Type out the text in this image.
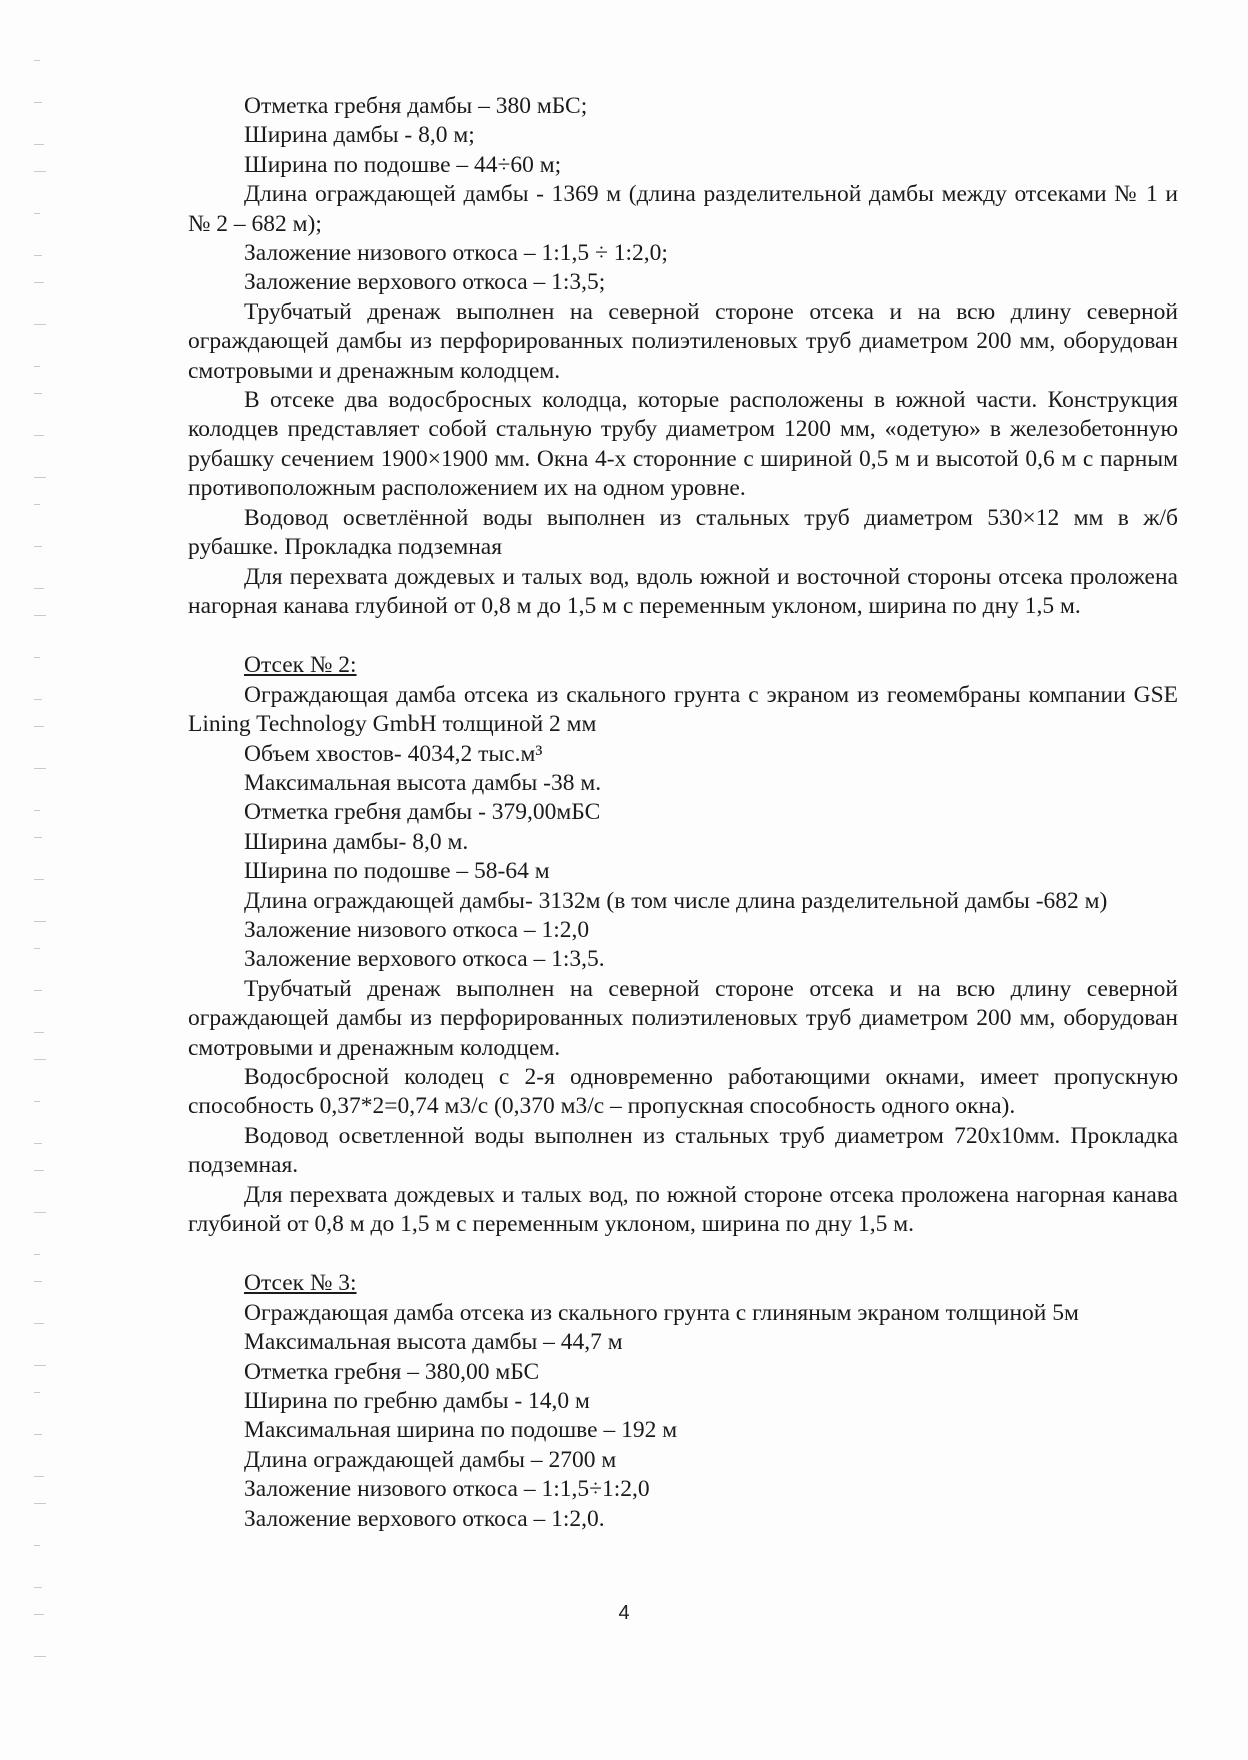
Отметка гребня дамбы – 380 мБС;
Ширина дамбы - 8,0 м;
Ширина по подошве – 44÷60 м;
Длина ограждающей дамбы - 1369 м (длина разделительной дамбы между отсеками № 1 и № 2 – 682 м);
Заложение низового откоса – 1:1,5 ÷ 1:2,0;
Заложение верхового откоса – 1:3,5;
Трубчатый дренаж выполнен на северной стороне отсека и на всю длину северной ограждающей дамбы из перфорированных полиэтиленовых труб диаметром 200 мм, оборудован смотровыми и дренажным колодцем.
В отсеке два водосбросных колодца, которые расположены в южной части. Конструкция колодцев представляет собой стальную трубу диаметром 1200 мм, «одетую» в железобетонную рубашку сечением 1900×1900 мм. Окна 4-х сторонние с шириной 0,5 м и высотой 0,6 м с парным противоположным расположением их на одном уровне.
Водовод осветлённой воды выполнен из стальных труб диаметром 530×12 мм в ж/б рубашке. Прокладка подземная
Для перехвата дождевых и талых вод, вдоль южной и восточной стороны отсека проложена нагорная канава глубиной от 0,8 м до 1,5 м с переменным уклоном, ширина по дну 1,5 м.
Отсек № 2:
Ограждающая дамба отсека из скального грунта с экраном из геомембраны компании GSE Lining Technology GmbH толщиной 2 мм
Объем хвостов- 4034,2 тыс.м³
Максимальная высота дамбы -38 м.
Отметка гребня дамбы - 379,00мБС
Ширина дамбы- 8,0 м.
Ширина по подошве – 58-64 м
Длина ограждающей дамбы- 3132м (в том числе длина разделительной дамбы -682 м)
Заложение низового откоса – 1:2,0
Заложение верхового откоса – 1:3,5.
Трубчатый дренаж выполнен на северной стороне отсека и на всю длину северной ограждающей дамбы из перфорированных полиэтиленовых труб диаметром 200 мм, оборудован смотровыми и дренажным колодцем.
Водосбросной колодец с 2-я одновременно работающими окнами, имеет пропускную способность 0,37*2=0,74 м3/с (0,370 м3/с – пропускная способность одного окна).
Водовод осветленной воды выполнен из стальных труб диаметром 720х10мм. Прокладка подземная.
Для перехвата дождевых и талых вод, по южной стороне отсека проложена нагорная канава глубиной от 0,8 м до 1,5 м с переменным уклоном, ширина по дну 1,5 м.
Отсек № 3:
Ограждающая дамба отсека из скального грунта с глиняным экраном толщиной 5м
Максимальная высота дамбы – 44,7 м
Отметка гребня – 380,00 мБС
Ширина по гребню дамбы - 14,0 м
Максимальная ширина по подошве – 192 м
Длина ограждающей дамбы – 2700 м
Заложение низового откоса – 1:1,5÷1:2,0
Заложение верхового откоса – 1:2,0.
4
